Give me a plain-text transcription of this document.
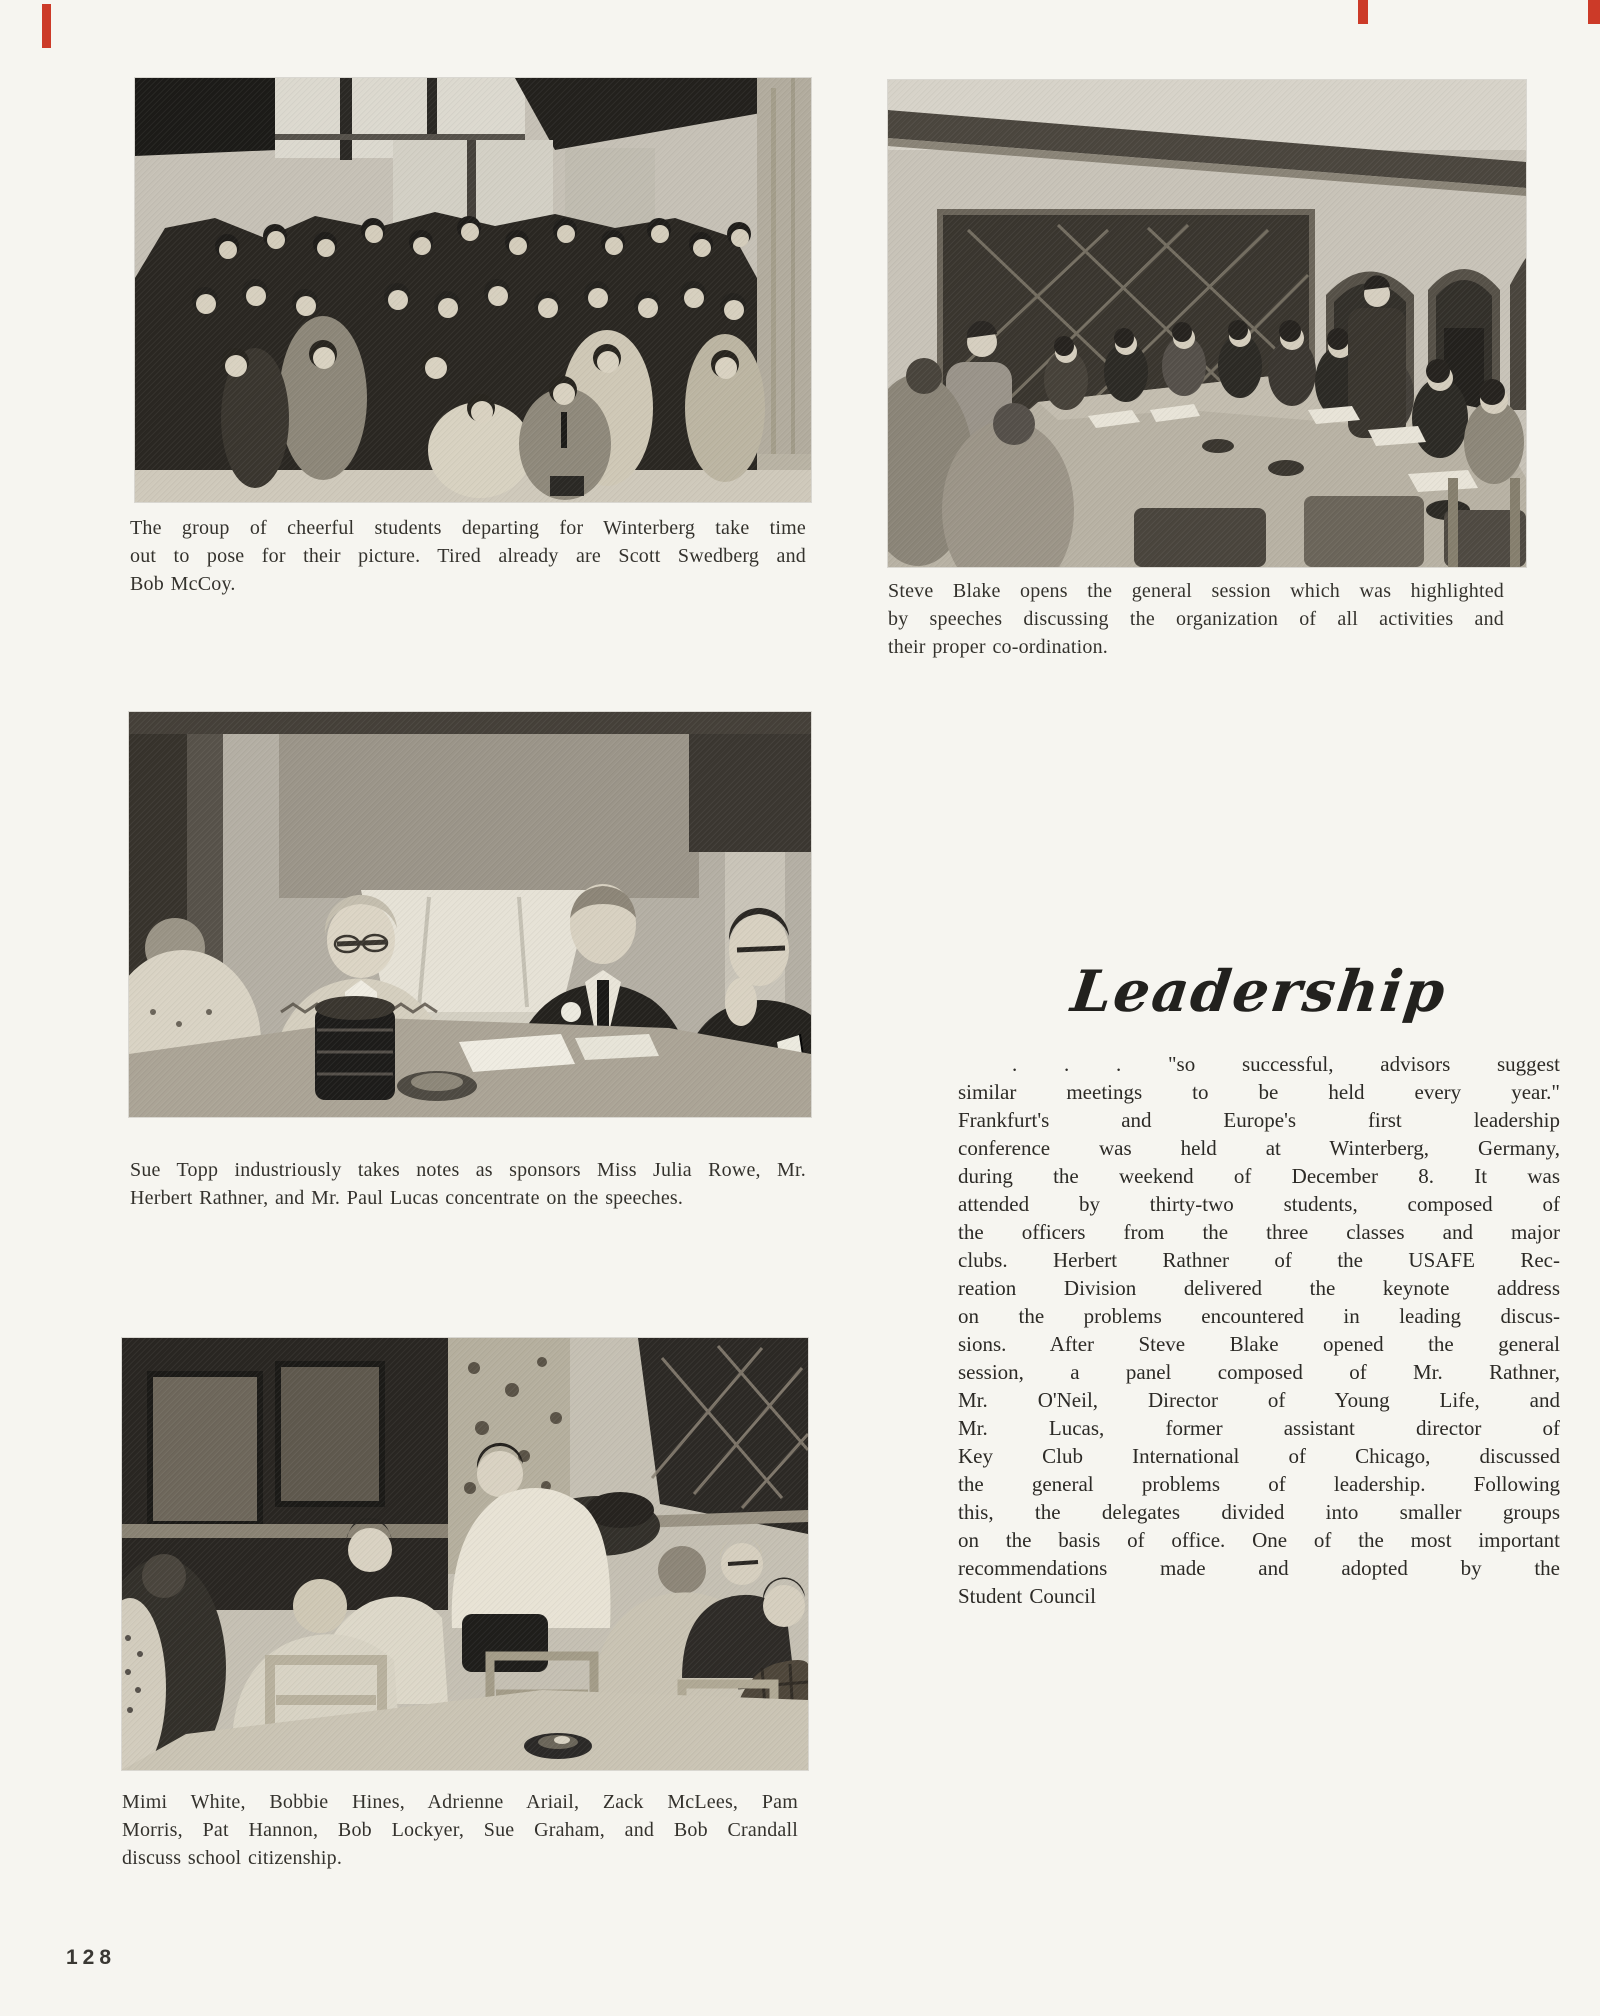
The group of cheerful students departing for Winterberg take time
out to pose for their picture. Tired already are Scott Swedberg and
Bob McCoy.	Steve Blake opens the general session which was highlighted
by speeches discussing the organization of all activities and
their proper co-ordination.
Sue Topp industriously takes notes as sponsors Miss Julia Rowe, Mr.
Herbert Rathner, and Mr. Paul Lucas concentrate on the speeches.
Leadership
. . . "so successful, advisors suggest
similar meetings to be held every year."
Frankfurt's and Europe's first leadership
conference was held at Winterberg, Germany,
during the weekend of December 8. It was
attended by thirty-two students, composed of
the officers from the three classes and major
clubs. Herbert Rathner of the USAFE Rec-
reation Division delivered the keynote address
on the problems encountered in leading discus-
sions. After Steve Blake opened the general
session, a panel composed of Mr. Rathner,
Mr. O'Neil, Director of Young Life, and
Mr. Lucas, former assistant director of
Key Club International of Chicago, discussed
the general problems of leadership. Following
this, the delegates divided into smaller groups
on the basis of office. One of the most important
recommendations made and adopted by the
Student Council
Mimi White, Bobbie Hines, Adrienne Ariail, Zack McLees, Pam
Morris, Pat Hannon, Bob Lockyer, Sue Graham, and Bob Crandall
discuss school citizenship.
128
